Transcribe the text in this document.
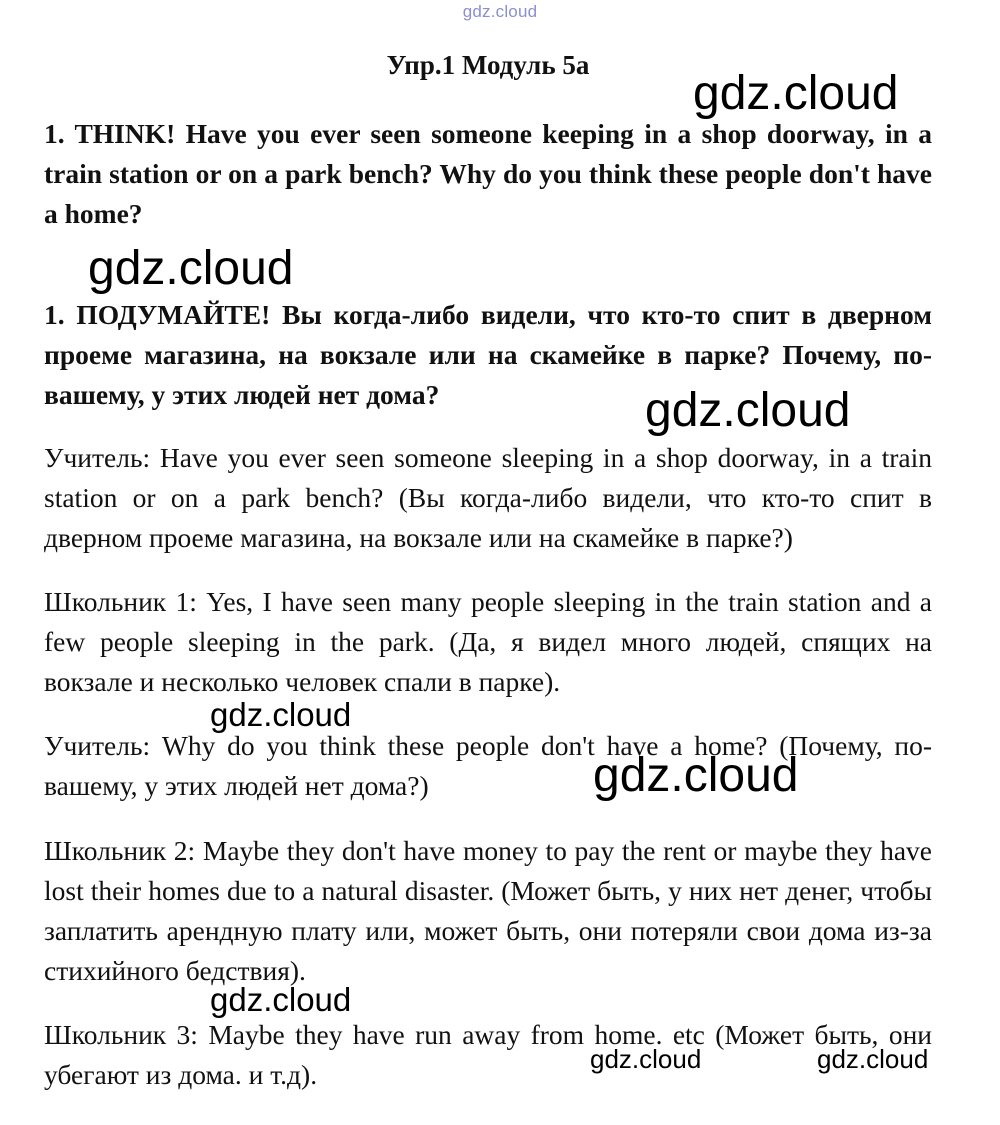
gdz.cloud
Упр.1 Модуль 5a

1. THINK! Have you ever seen someone keeping in a shop doorway, in a train station or on a park bench? Why do you think these people don't have a home?

1. ПОДУМАЙТЕ! Вы когда-либо видели, что кто-то спит в дверном проеме магазина, на вокзале или на скамейке в парке? Почему, по-вашему, у этих людей нет дома?

Учитель: Have you ever seen someone sleeping in a shop doorway, in a train station or on a park bench? (Вы когда-либо видели, что кто-то спит в дверном проеме магазина, на вокзале или на скамейке в парке?)

Школьник 1: Yes, I have seen many people sleeping in the train station and a few people sleeping in the park. (Да, я видел много людей, спящих на вокзале и несколько человек спали в парке).

Учитель: Why do you think these people don't have a home? (Почему, по-вашему, у этих людей нет дома?)

Школьник 2: Maybe they don't have money to pay the rent or maybe they have lost their homes due to a natural disaster. (Может быть, у них нет денег, чтобы заплатить арендную плату или, может быть, они потеряли свои дома из-за стихийного бедствия).

Школьник 3: Maybe they have run away from home. etc (Может быть, они убегают из дома. и т.д).

gdz.cloud
gdz.cloud
gdz.cloud
gdz.cloud
gdz.cloud
gdz.cloud
gdz.cloud	gdz.cloud
